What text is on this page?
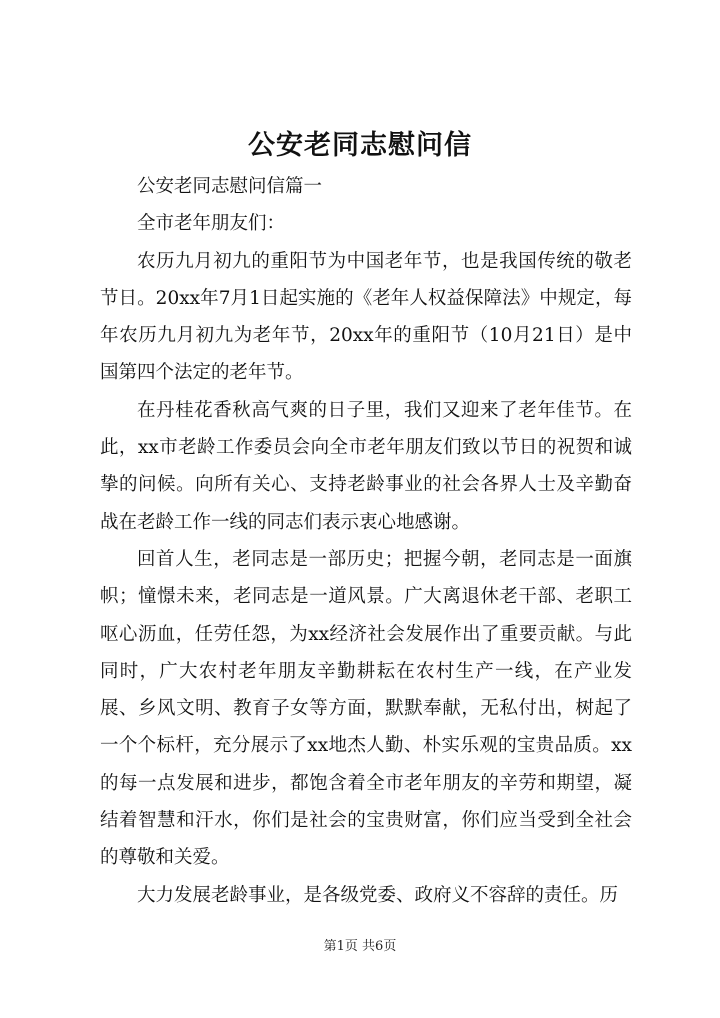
公安老同志慰问信

公安老同志慰问信篇一

全市老年朋友们：

农历九月初九的重阳节为中国老年节，也是我国传统的敬老节日。20xx年7月1日起实施的《老年人权益保障法》中规定，每年农历九月初九为老年节，20xx年的重阳节（10月21日）是中国第四个法定的老年节。

在丹桂花香秋高气爽的日子里，我们又迎来了老年佳节。在此，xx市老龄工作委员会向全市老年朋友们致以节日的祝贺和诚挚的问候。向所有关心、支持老龄事业的社会各界人士及辛勤奋战在老龄工作一线的同志们表示衷心地感谢。

回首人生，老同志是一部历史；把握今朝，老同志是一面旗帜；憧憬未来，老同志是一道风景。广大离退休老干部、老职工呕心沥血，任劳任怨，为xx经济社会发展作出了重要贡献。与此同时，广大农村老年朋友辛勤耕耘在农村生产一线，在产业发展、乡风文明、教育子女等方面，默默奉献，无私付出，树起了一个个标杆，充分展示了xx地杰人勤、朴实乐观的宝贵品质。xx的每一点发展和进步，都饱含着全市老年朋友的辛劳和期望，凝结着智慧和汗水，你们是社会的宝贵财富，你们应当受到全社会的尊敬和关爱。

大力发展老龄事业，是各级党委、政府义不容辞的责任。历

第1页 共6页
